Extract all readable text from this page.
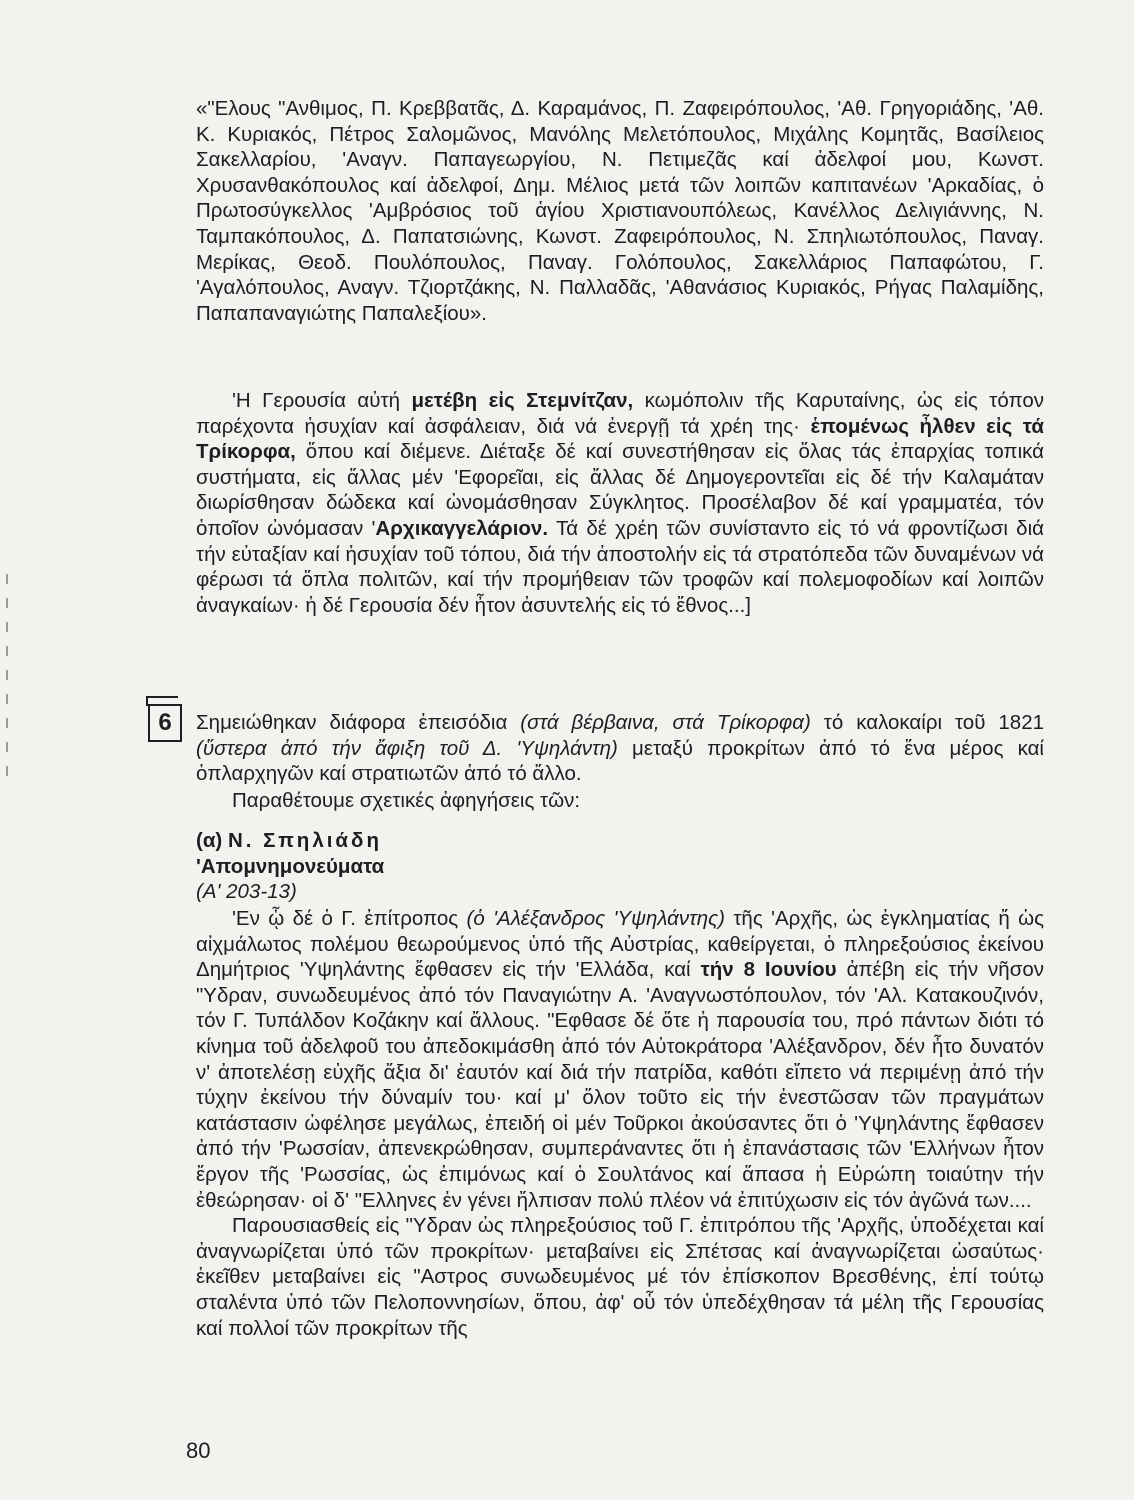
«"Ελους "Ανθιμος, Π. Κρεββατᾶς, Δ. Καραμάνος, Π. Ζαφειρόπουλος, 'Αθ. Γρηγοριάδης, 'Αθ. Κ. Κυριακός, Πέτρος Σαλομῶνος, Μανόλης Μελετόπουλος, Μιχάλης Κομητᾶς, Βασίλειος Σακελλαρίου, 'Αναγν. Παπαγεωργίου, Ν. Πετιμεζᾶς καί ἀδελφοί μου, Κωνστ. Χρυσανθακόπουλος καί ἀδελφοί, Δημ. Μέλιος μετά τῶν λοιπῶν καπιτανέων 'Αρκαδίας, ὁ Πρωτοσύγκελλος 'Αμβρόσιος τοῦ ἁγίου Χριστιανουπόλεως, Κανέλλος Δελιγιάννης, Ν. Ταμπακόπουλος, Δ. Παπατσιώνης, Κωνστ. Ζαφειρόπουλος, Ν. Σπηλιωτόπουλος, Παναγ. Μερίκας, Θεοδ. Πουλόπουλος, Παναγ. Γολόπουλος, Σακελλάριος Παπαφώτου, Γ. 'Αγαλόπουλος, Αναγν. Τζιορτζάκης, Ν. Παλλαδᾶς, 'Αθανάσιος Κυριακός, Ρήγας Παλαμίδης, Παπαπαναγιώτης Παπαλεξίου».

'Η Γερουσία αὐτή μετέβη εἰς Στεμνίτζαν, κωμόπολιν τῆς Καρυταίνης, ὡς εἰς τόπον παρέχοντα ἡσυχίαν καί ἀσφάλειαν, διά νά ἐνεργῇ τά χρέη της· ἑπομένως ἦλθεν εἰς τά Τρίκορφα, ὅπου καί διέμενε. Διέταξε δέ καί συνεστήθησαν εἰς ὅλας τάς ἐπαρχίας τοπικά συστήματα, εἰς ἄλλας μέν 'Εφορεῖαι, εἰς ἄλλας δέ Δημογεροντεῖαι εἰς δέ τήν Καλαμάταν διωρίσθησαν δώδεκα καί ὠνομάσθησαν Σύγκλητος. Προσέλαβον δέ καί γραμματέα, τόν ὁποῖον ὠνόμασαν 'Αρχικαγγελάριον. Τά δέ χρέη τῶν συνίσταντο εἰς τό νά φροντίζωσι διά τήν εὐταξίαν καί ἡσυχίαν τοῦ τόπου, διά τήν ἀποστολήν εἰς τά στρατόπεδα τῶν δυναμένων νά φέρωσι τά ὅπλα πολιτῶν, καί τήν προμήθειαν τῶν τροφῶν καί πολεμοφοδίων καί λοιπῶν ἀναγκαίων· ἡ δέ Γερουσία δέν ἦτον ἀσυντελής εἰς τό ἔθνος...]

6	Σημειώθηκαν διάφορα ἐπεισόδια (στά βέρβαινα, στά Τρίκορφα) τό καλοκαίρι τοῦ 1821 (ὕστερα ἀπό τήν ἄφιξη τοῦ Δ. 'Υψηλάντη) μεταξύ προκρίτων ἀπό τό ἕνα μέρος καί ὁπλαρχηγῶν καί στρατιωτῶν ἀπό τό ἄλλο.

Παραθέτουμε σχετικές ἀφηγήσεις τῶν:

(α) Ν. Σπηλιάδη
'Απομνημονεύματα
(Α' 203-13)

'Εν ᾧ δέ ὁ Γ. ἐπίτροπος (ὁ 'Αλέξανδρος 'Υψηλάντης) τῆς 'Αρχῆς, ὡς ἐγκληματίας ἤ ὡς αἰχμάλωτος πολέμου θεωρούμενος ὑπό τῆς Αὐστρίας, καθείργεται, ὁ πληρεξούσιος ἐκείνου Δημήτριος 'Υψηλάντης ἔφθασεν εἰς τήν 'Ελλάδα, καί τήν 8 Ιουνίου ἀπέβη εἰς τήν νῆσον "Υδραν, συνωδευμένος ἀπό τόν Παναγιώτην Α. 'Αναγνωστόπουλον, τόν 'Αλ. Κατακουζινόν, τόν Γ. Τυπάλδον Κοζάκην καί ἄλλους. "Εφθασε δέ ὅτε ἡ παρουσία του, πρό πάντων διότι τό κίνημα τοῦ ἀδελφοῦ του ἀπεδοκιμάσθη ἀπό τόν Αὐτοκράτορα 'Αλέξανδρον, δέν ἦτο δυνατόν ν' ἀποτελέσῃ εὐχῆς ἄξια δι' ἑαυτόν καί διά τήν πατρίδα, καθότι εἴπετο νά περιμένῃ ἀπό τήν τύχην ἐκείνου τήν δύναμίν του· καί μ' ὅλον τοῦτο εἰς τήν ἐνεστῶσαν τῶν πραγμάτων κατάστασιν ὠφέλησε μεγάλως, ἐπειδή οἱ μέν Τοῦρκοι ἀκούσαντες ὅτι ὁ 'Υψηλάντης ἔφθασεν ἀπό τήν 'Ρωσσίαν, ἀπενεκρώθησαν, συμπεράναντες ὅτι ἡ ἐπανάστασις τῶν 'Ελλήνων ἦτον ἔργον τῆς 'Ρωσσίας, ὡς ἐπιμόνως καί ὁ Σουλτάνος καί ἅπασα ἡ Εὐρώπη τοιαύτην τήν ἐθεώρησαν· οἱ δ' "Ελληνες ἐν γένει ἤλπισαν πολύ πλέον νά ἐπιτύχωσιν εἰς τόν ἀγῶνά των....

Παρουσιασθείς εἰς "Υδραν ὡς πληρεξούσιος τοῦ Γ. ἐπιτρόπου τῆς 'Αρχῆς, ὑποδέχεται καί ἀναγνωρίζεται ὑπό τῶν προκρίτων· μεταβαίνει εἰς Σπέτσας καί ἀναγνωρίζεται ὡσαύτως· ἐκεῖθεν μεταβαίνει εἰς "Αστρος συνωδευμένος μέ τόν ἐπίσκοπον Βρεσθένης, ἐπί τούτῳ σταλέντα ὑπό τῶν Πελοποννησίων, ὅπου, ἀφ' οὗ τόν ὑπεδέχθησαν τά μέλη τῆς Γερουσίας καί πολλοί τῶν προκρίτων τῆς

80
